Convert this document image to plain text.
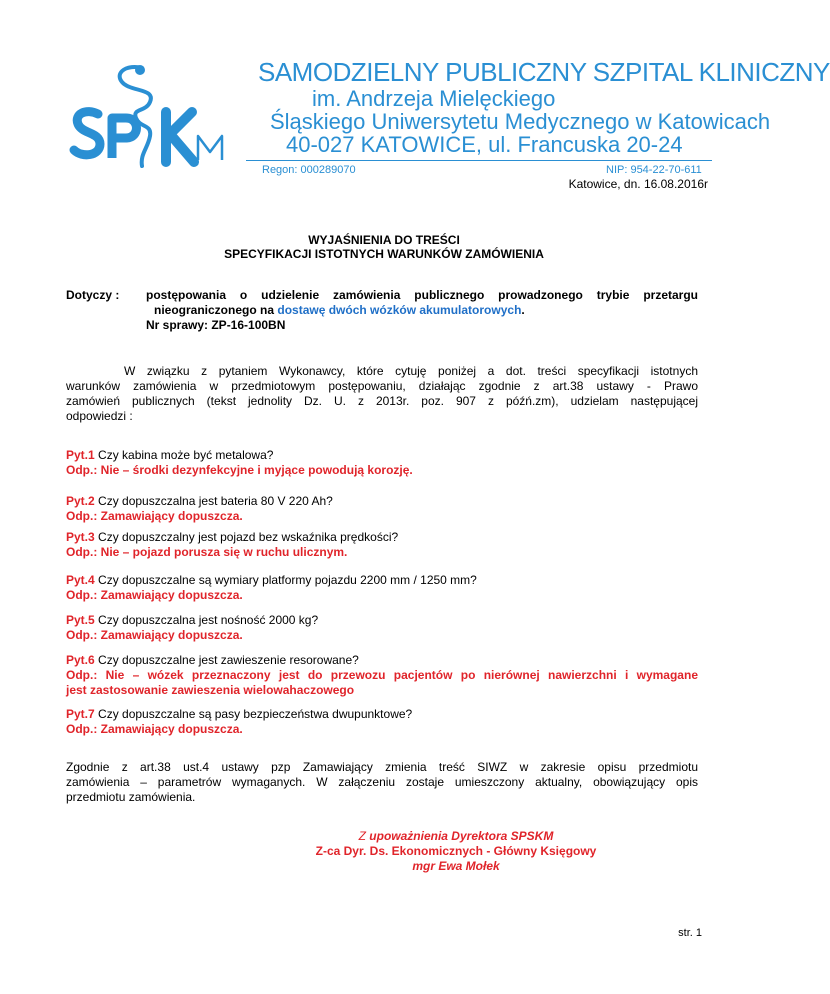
SAMODZIELNY PUBLICZNY SZPITAL KLINICZNY
im. Andrzeja Mielęckiego
Śląskiego Uniwersytetu Medycznego w Katowicach
40-027 KATOWICE, ul. Francuska 20-24
Regon: 000289070	NIP: 954-22-70-611
Katowice, dn. 16.08.2016r
WYJAŚNIENIA DO TREŚCI
SPECYFIKACJI ISTOTNYCH WARUNKÓW ZAMÓWIENIA
Dotyczy : postępowania o udzielenie zamówienia publicznego prowadzonego trybie przetargu
nieograniczonego na dostawę dwóch wózków akumulatorowych.
Nr sprawy: ZP-16-100BN
W związku z pytaniem Wykonawcy, które cytuję poniżej a dot. treści specyfikacji istotnych
warunków zamówienia w przedmiotowym postępowaniu, działając zgodnie z art.38 ustawy - Prawo
zamówień publicznych (tekst jednolity Dz. U. z 2013r. poz. 907 z późń.zm), udzielam następującej
odpowiedzi :
Pyt.1 Czy kabina może być metalowa?
Odp.: Nie – środki dezynfekcyjne i myjące powodują korozję.
Pyt.2 Czy dopuszczalna jest bateria 80 V 220 Ah?
Odp.: Zamawiający dopuszcza.
Pyt.3 Czy dopuszczalny jest pojazd bez wskaźnika prędkości?
Odp.: Nie – pojazd porusza się w ruchu ulicznym.
Pyt.4 Czy dopuszczalne są wymiary platformy pojazdu 2200 mm / 1250 mm?
Odp.: Zamawiający dopuszcza.
Pyt.5 Czy dopuszczalna jest nośność 2000 kg?
Odp.: Zamawiający dopuszcza.
Pyt.6 Czy dopuszczalne jest zawieszenie resorowane?
Odp.: Nie – wózek przeznaczony jest do przewozu pacjentów po nierównej nawierzchni i wymagane
jest zastosowanie zawieszenia wielowahaczowego
Pyt.7 Czy dopuszczalne są pasy bezpieczeństwa dwupunktowe?
Odp.: Zamawiający dopuszcza.
Zgodnie z art.38 ust.4 ustawy pzp Zamawiający zmienia treść SIWZ w zakresie opisu przedmiotu
zamówienia – parametrów wymaganych. W załączeniu zostaje umieszczony aktualny, obowiązujący opis
przedmiotu zamówienia.
Z upoważnienia Dyrektora SPSKM
Z-ca Dyr. Ds. Ekonomicznych - Główny Księgowy
mgr Ewa Mołek
str. 1
